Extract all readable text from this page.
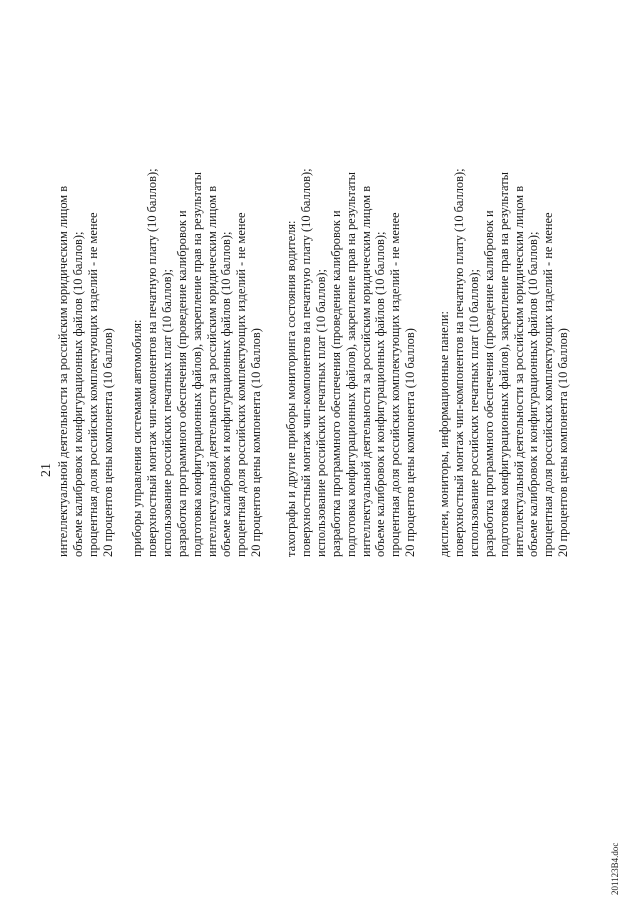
21 интеллектуальной деятельности за российским юридическим лицом в объеме калибровок и конфигурационных файлов (10 баллов); процентная доля российских комплектующих изделий - не менее 20 процентов цены компонента (10 баллов) приборы управления системами автомобиля: поверхностный монтаж чип-компонентов на печатную плату (10 баллов); использование российских печатных плат (10 баллов); разработка программного обеспечения (проведение калибровок и подготовка конфигурационных файлов), закрепление прав на результаты интеллектуальной деятельности за российским юридическим лицом в объеме калибровок и конфигурационных файлов (10 баллов); процентная доля российских комплектующих изделий - не менее 20 процентов цены компонента (10 баллов) тахографы и другие приборы мониторинга состояния водителя: поверхностный монтаж чип-компонентов на печатную плату (10 баллов); использование российских печатных плат (10 баллов); разработка программного обеспечения (проведение калибровок и подготовка конфигурационных файлов), закрепление прав на результаты интеллектуальной деятельности за российским юридическим лицом в объеме калибровок и конфигурационных файлов (10 баллов); процентная доля российских комплектующих изделий - не менее 20 процентов цены компонента (10 баллов) дисплеи, мониторы, информационные панели: поверхностный монтаж чип-компонентов на печатную плату (10 баллов); использование российских печатных плат (10 баллов); разработка программного обеспечения (проведение калибровок и подготовка конфигурационных файлов), закрепление прав на результаты интеллектуальной деятельности за российским юридическим лицом в объеме калибровок и конфигурационных файлов (10 баллов); процентная доля российских комплектующих изделий - не менее 20 процентов цены компонента (10 баллов)
201123B4.doc
